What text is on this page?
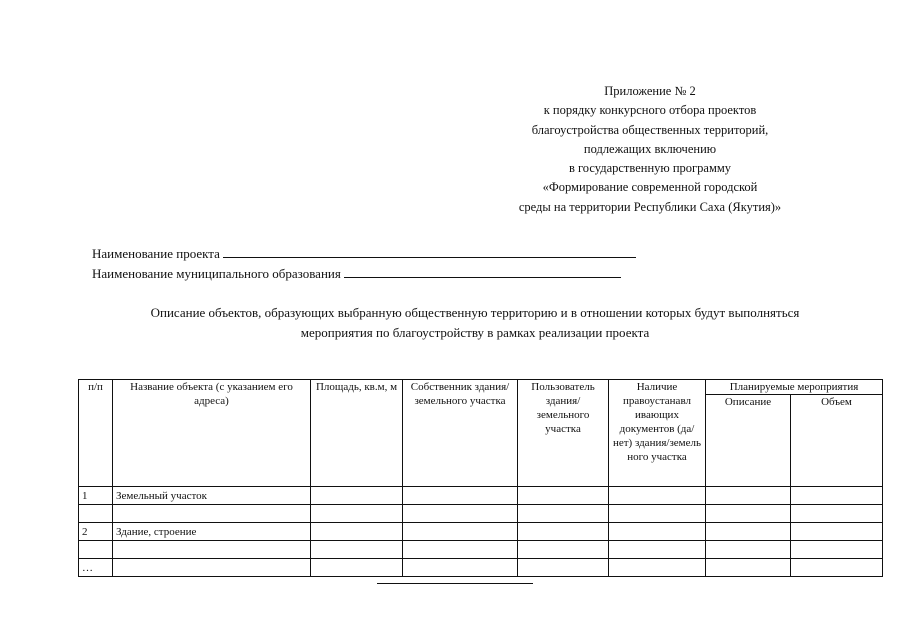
Приложение № 2
к порядку конкурсного отбора проектов
благоустройства общественных территорий,
подлежащих включению
в государственную программу
«Формирование современной городской
среды на территории Республики Саха (Якутия)»
Наименование проекта
Наименование муниципального образования
Описание объектов, образующих выбранную общественную территорию и в отношении которых будут выполняться
мероприятия по благоустройству в рамках реализации проекта
п/п	Название объекта (с указанием его адреса)	Площадь, кв.м, м	Собственник здания/земельного участка	Пользователь здания/ земельного участка	Наличие правоустанавл ивающих документов (да/нет) здания/земель ного участка	Планируемые мероприятия	
						Описание	Объем
1	Земельный участок						

2	Здание, строение						

…							
